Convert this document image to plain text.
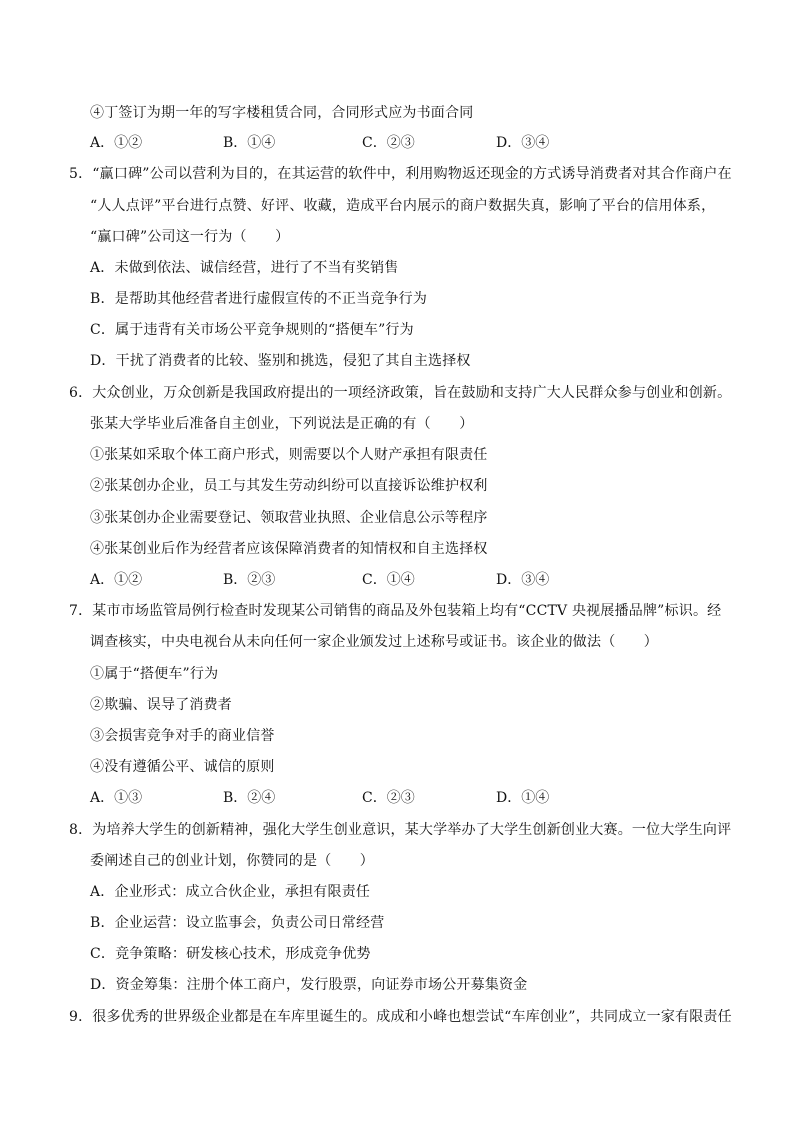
④丁签订为期一年的写字楼租赁合同，合同形式应为书面合同
A．①②	B．①④	C．②③	D．③④
5．“赢口碑”公司以营利为目的，在其运营的软件中，利用购物返还现金的方式诱导消费者对其合作商户在
“人人点评”平台进行点赞、好评、收藏，造成平台内展示的商户数据失真，影响了平台的信用体系，
“赢口碑”公司这一行为（　　）
A．未做到依法、诚信经营，进行了不当有奖销售
B．是帮助其他经营者进行虚假宣传的不正当竞争行为
C．属于违背有关市场公平竞争规则的“搭便车”行为
D．干扰了消费者的比较、鉴别和挑选，侵犯了其自主选择权
6．大众创业，万众创新是我国政府提出的一项经济政策，旨在鼓励和支持广大人民群众参与创业和创新。
张某大学毕业后准备自主创业，下列说法是正确的有（　　）
①张某如采取个体工商户形式，则需要以个人财产承担有限责任
②张某创办企业，员工与其发生劳动纠纷可以直接诉讼维护权利
③张某创办企业需要登记、领取营业执照、企业信息公示等程序
④张某创业后作为经营者应该保障消费者的知情权和自主选择权
A．①②	B．②③	C．①④	D．③④
7．某市市场监管局例行检查时发现某公司销售的商品及外包装箱上均有“CCTV 央视展播品牌”标识。经
调查核实，中央电视台从未向任何一家企业颁发过上述称号或证书。该企业的做法（　　）
①属于“搭便车”行为
②欺骗、误导了消费者
③会损害竞争对手的商业信誉
④没有遵循公平、诚信的原则
A．①③	B．②④	C．②③	D．①④
8．为培养大学生的创新精神，强化大学生创业意识，某大学举办了大学生创新创业大赛。一位大学生向评
委阐述自己的创业计划，你赞同的是（　　）
A．企业形式：成立合伙企业，承担有限责任
B．企业运营：设立监事会，负责公司日常经营
C．竞争策略：研发核心技术，形成竞争优势
D．资金筹集：注册个体工商户，发行股票，向证券市场公开募集资金
9．很多优秀的世界级企业都是在车库里诞生的。成成和小峰也想尝试“车库创业”，共同成立一家有限责任
